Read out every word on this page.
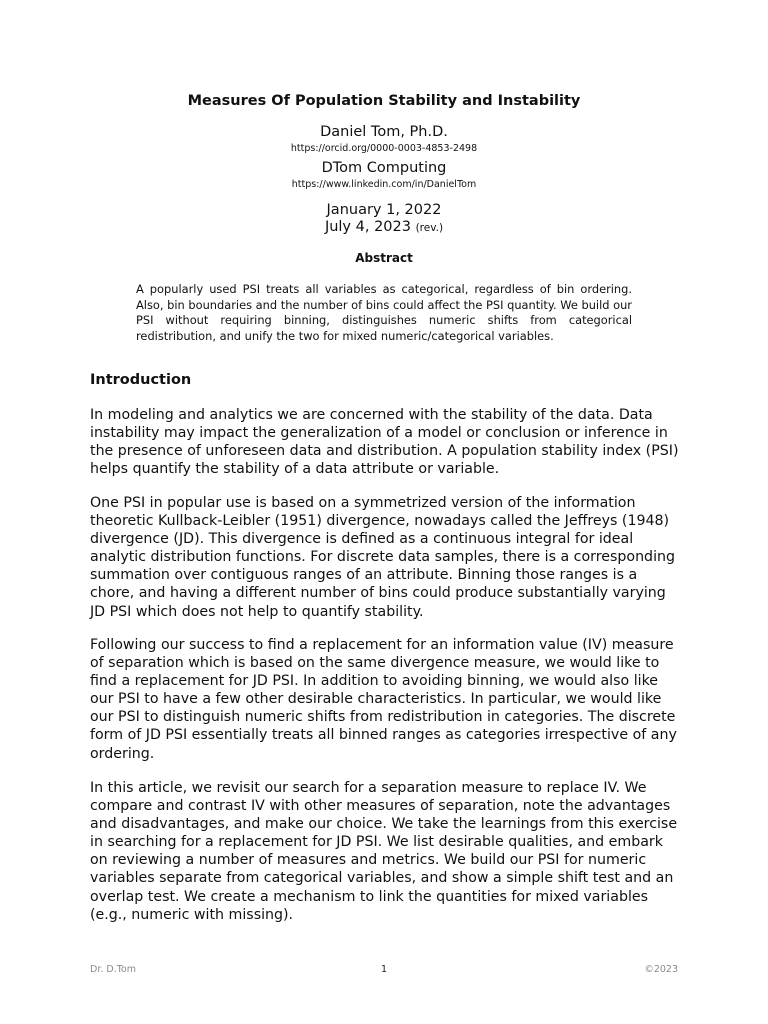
Measures Of Population Stability and Instability
Daniel Tom, Ph.D.
https://orcid.org/0000-0003-4853-2498
DTom Computing
https://www.linkedin.com/in/DanielTom
January 1, 2022
July 4, 2023 (rev.)
Abstract
A popularly used PSI treats all variables as categorical, regardless of bin ordering. Also, bin boundaries and the number of bins could affect the PSI quantity. We build our PSI without requiring binning, distinguishes numeric shifts from categorical redistribution, and unify the two for mixed numeric/categorical variables.
Introduction
In modeling and analytics we are concerned with the stability of the data. Data instability may impact the generalization of a model or conclusion or inference in the presence of unforeseen data and distribution. A population stability index (PSI) helps quantify the stability of a data attribute or variable.
One PSI in popular use is based on a symmetrized version of the information theoretic Kullback-Leibler (1951) divergence, nowadays called the Jeffreys (1948) divergence (JD). This divergence is defined as a continuous integral for ideal analytic distribution functions. For discrete data samples, there is a corresponding summation over contiguous ranges of an attribute. Binning those ranges is a chore, and having a different number of bins could produce substantially varying JD PSI which does not help to quantify stability.
Following our success to find a replacement for an information value (IV) measure of separation which is based on the same divergence measure, we would like to find a replacement for JD PSI. In addition to avoiding binning, we would also like our PSI to have a few other desirable characteristics. In particular, we would like our PSI to distinguish numeric shifts from redistribution in categories. The discrete form of JD PSI essentially treats all binned ranges as categories irrespective of any ordering.
In this article, we revisit our search for a separation measure to replace IV. We compare and contrast IV with other measures of separation, note the advantages and disadvantages, and make our choice. We take the learnings from this exercise in searching for a replacement for JD PSI. We list desirable qualities, and embark on reviewing a number of measures and metrics. We build our PSI for numeric variables separate from categorical variables, and show a simple shift test and an overlap test. We create a mechanism to link the quantities for mixed variables (e.g., numeric with missing).
Dr. D.Tom	1	©2023
